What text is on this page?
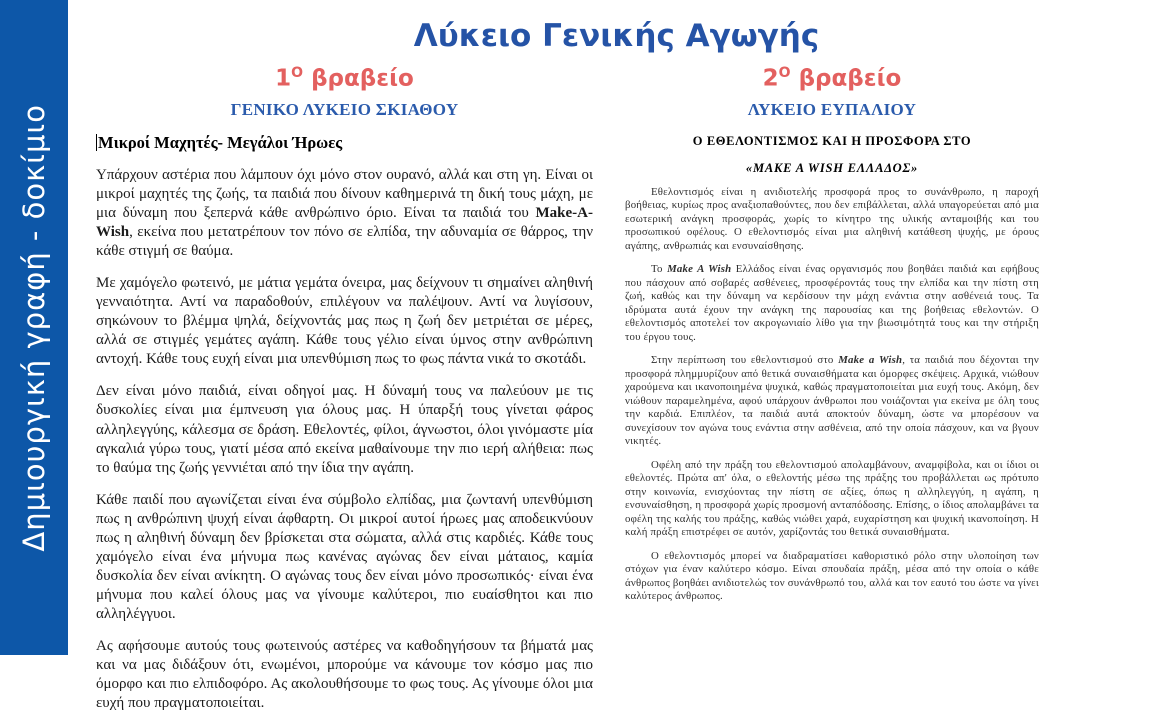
Δημιουργική γραφή - δοκίμιο
Λύκειο Γενικής Αγωγής
$1^O$ βραβείο
ΓΕΝΙΚΟ ΛΥΚΕΙΟ ΣΚΙΑΘΟΥ
Μικροί Μαχητές- Μεγάλοι Ήρωες

Υπάρχουν αστέρια που λάμπουν όχι μόνο στον ουρανό, αλλά και στη γη. Είναι οι μικροί μαχητές της ζωής, τα παιδιά που δίνουν καθημερινά τη δική τους μάχη, με μια δύναμη που ξεπερνά κάθε ανθρώπινο όριο. Είναι τα παιδιά του Make-A-Wish, εκείνα που μετατρέπουν τον πόνο σε ελπίδα, την αδυναμία σε θάρρος, την κάθε στιγμή σε θαύμα.

Με χαμόγελο φωτεινό, με μάτια γεμάτα όνειρα, μας δείχνουν τι σημαίνει αληθινή γενναιότητα. Αντί να παραδοθούν, επιλέγουν να παλέψουν. Αντί να λυγίσουν, σηκώνουν το βλέμμα ψηλά, δείχνοντάς μας πως η ζωή δεν μετριέται σε μέρες, αλλά σε στιγμές γεμάτες αγάπη. Κάθε τους γέλιο είναι ύμνος στην ανθρώπινη αντοχή. Κάθε τους ευχή είναι μια υπενθύμιση πως το φως πάντα νικά το σκοτάδι.

Δεν είναι μόνο παιδιά, είναι οδηγοί μας. Η δύναμή τους να παλεύουν με τις δυσκολίες είναι μια έμπνευση για όλους μας. Η ύπαρξή τους γίνεται φάρος αλληλεγγύης, κάλεσμα σε δράση. Εθελοντές, φίλοι, άγνωστοι, όλοι γινόμαστε μία αγκαλιά γύρω τους, γιατί μέσα από εκείνα μαθαίνουμε την πιο ιερή αλήθεια: πως το θαύμα της ζωής γεννιέται από την ίδια την αγάπη.

Κάθε παιδί που αγωνίζεται είναι ένα σύμβολο ελπίδας, μια ζωντανή υπενθύμιση πως η ανθρώπινη ψυχή είναι άφθαρτη. Οι μικροί αυτοί ήρωες μας αποδεικνύουν πως η αληθινή δύναμη δεν βρίσκεται στα σώματα, αλλά στις καρδιές. Κάθε τους χαμόγελο είναι ένα μήνυμα πως κανένας αγώνας δεν είναι μάταιος, καμία δυσκολία δεν είναι ανίκητη. Ο αγώνας τους δεν είναι μόνο προσωπικός· είναι ένα μήνυμα που καλεί όλους μας να γίνουμε καλύτεροι, πιο ευαίσθητοι και πιο αλληλέγγυοι.

Ας αφήσουμε αυτούς τους φωτεινούς αστέρες να καθοδηγήσουν τα βήματά μας και να μας διδάξουν ότι, ενωμένοι, μπορούμε να κάνουμε τον κόσμο μας πιο όμορφο και πιο ελπιδοφόρο. Ας ακολουθήσουμε το φως τους. Ας γίνουμε όλοι μια ευχή που πραγματοποιείται.

$2^O$ βραβείο
ΛΥΚΕΙΟ ΕΥΠΑΛΙΟΥ
Ο ΕΘΕΛΟΝΤΙΣΜΟΣ ΚΑΙ Η ΠΡΟΣΦΟΡΑ ΣΤΟ
«MAKE A WISH ΕΛΛΑΔΟΣ»

Εθελοντισμός είναι η ανιδιοτελής προσφορά προς το συνάνθρωπο, η παροχή βοήθειας, κυρίως προς αναξιοπαθούντες, που δεν επιβάλλεται, αλλά υπαγορεύεται από μια εσωτερική ανάγκη προσφοράς, χωρίς το κίνητρο της υλικής ανταμοιβής και του προσωπικού οφέλους. Ο εθελοντισμός είναι μια αληθινή κατάθεση ψυχής, με όρους αγάπης, ανθρωπιάς και ενσυναίσθησης.

Το Make A Wish Ελλάδος είναι ένας οργανισμός που βοηθάει παιδιά και εφήβους που πάσχουν από σοβαρές ασθένειες, προσφέροντάς τους την ελπίδα και την πίστη στη ζωή, καθώς και την δύναμη να κερδίσουν την μάχη ενάντια στην ασθένειά τους. Τα ιδρύματα αυτά έχουν την ανάγκη της παρουσίας και της βοήθειας εθελοντών. Ο εθελοντισμός αποτελεί τον ακρογωνιαίο λίθο για την βιωσιμότητά τους και την στήριξη του έργου τους.

Στην περίπτωση του εθελοντισμού στο Make a Wish, τα παιδιά που δέχονται την προσφορά πλημμυρίζουν από θετικά συναισθήματα και όμορφες σκέψεις. Αρχικά, νιώθουν χαρούμενα και ικανοποιημένα ψυχικά, καθώς πραγματοποιείται μια ευχή τους. Ακόμη, δεν νιώθουν παραμελημένα, αφού υπάρχουν άνθρωποι που νοιάζονται για εκείνα με όλη τους την καρδιά. Επιπλέον, τα παιδιά αυτά αποκτούν δύναμη, ώστε να μπορέσουν να συνεχίσουν τον αγώνα τους ενάντια στην ασθένεια, από την οποία πάσχουν, και να βγουν νικητές.

Οφέλη από την πράξη του εθελοντισμού απολαμβάνουν, αναμφίβολα, και οι ίδιοι οι εθελοντές. Πρώτα απ' όλα, ο εθελοντής μέσω της πράξης του προβάλλεται ως πρότυπο στην κοινωνία, ενισχύοντας την πίστη σε αξίες, όπως η αλληλεγγύη, η αγάπη, η ενσυναίσθηση, η προσφορά χωρίς προσμονή ανταπόδοσης. Επίσης, ο ίδιος απολαμβάνει τα οφέλη της καλής του πράξης, καθώς νιώθει χαρά, ευχαρίστηση και ψυχική ικανοποίηση. Η καλή πράξη επιστρέφει σε αυτόν, χαρίζοντάς του θετικά συναισθήματα.

Ο εθελοντισμός μπορεί να διαδραματίσει καθοριστικό ρόλο στην υλοποίηση των στόχων για έναν καλύτερο κόσμο. Είναι σπουδαία πράξη, μέσα από την οποία ο κάθε άνθρωπος βοηθάει ανιδιοτελώς τον συνάνθρωπό του, αλλά και τον εαυτό του ώστε να γίνει καλύτερος άνθρωπος.
